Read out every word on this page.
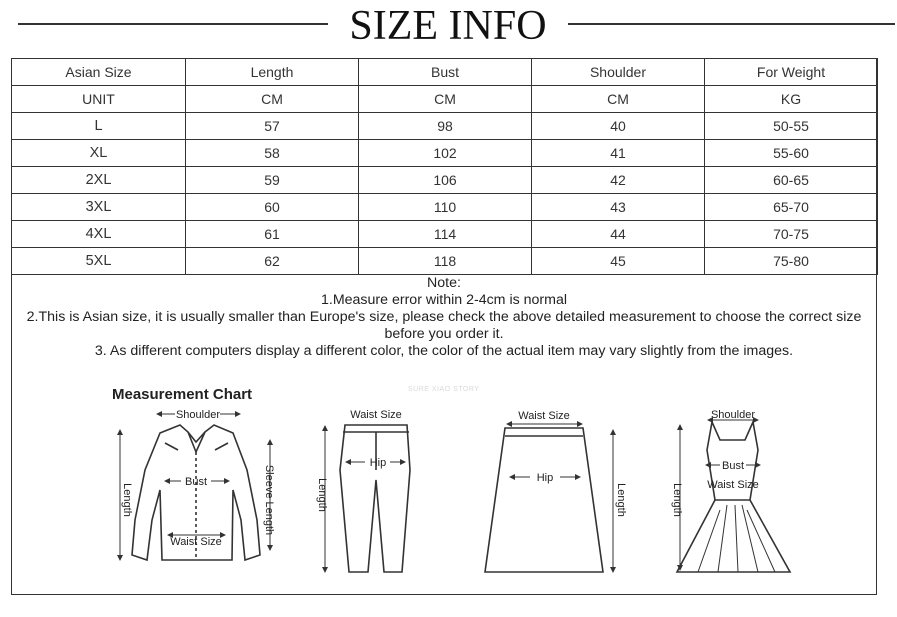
SIZE INFO
Asian Size	Length	Bust	Shoulder	For Weight
UNIT	CM	CM	CM	KG
L	57	98	40	50-55
XL	58	102	41	55-60
2XL	59	106	42	60-65
3XL	60	110	43	65-70
4XL	61	114	44	70-75
5XL	62	118	45	75-80
Note:
1.Measure error within 2-4cm is normal
2.This is Asian size, it is usually smaller than Europe's size, please check the above detailed measurement to choose the correct size
before you order it.
3. As different computers display a different color, the color of the actual item may vary slightly from the images.
Measurement Chart	SURE XIAO STORY
Shoulder
Bust
Waist Size
Length	Sleeve Length
Waist Size
Hip
Length
Waist Size
Hip
Length
Shoulder
Bust
Waist Size
Length
